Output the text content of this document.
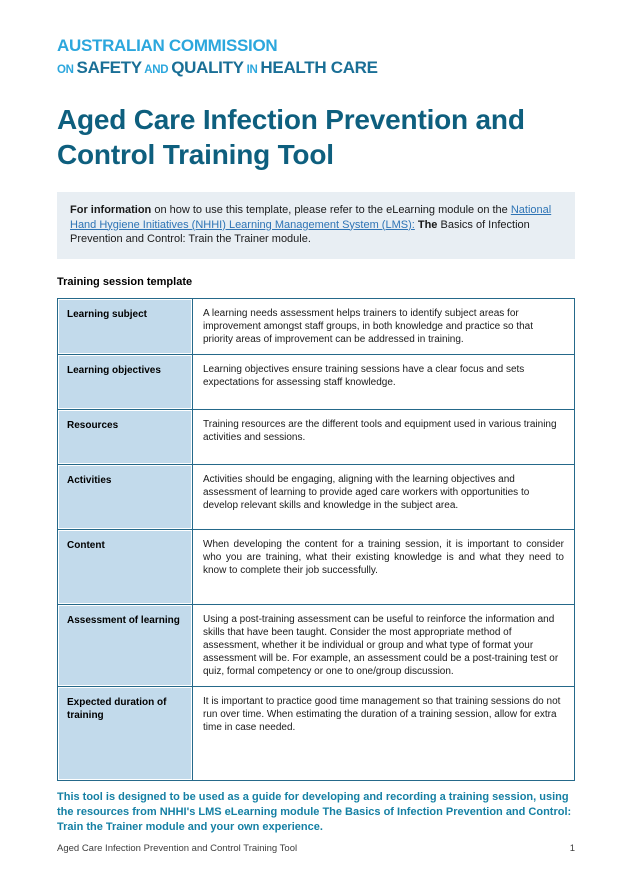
AUSTRALIAN COMMISSION
ON SAFETY AND QUALITY IN HEALTH CARE
Aged Care Infection Prevention and Control Training Tool
For information on how to use this template, please refer to the eLearning module on the National Hand Hygiene Initiatives (NHHI) Learning Management System (LMS): The Basics of Infection Prevention and Control: Train the Trainer module.
Training session template
Learning subject	A learning needs assessment helps trainers to identify subject areas for improvement amongst staff groups, in both knowledge and practice so that priority areas of improvement can be addressed in training.
Learning objectives	Learning objectives ensure training sessions have a clear focus and sets expectations for assessing staff knowledge.
Resources	Training resources are the different tools and equipment used in various training activities and sessions.
Activities	Activities should be engaging, aligning with the learning objectives and assessment of learning to provide aged care workers with opportunities to develop relevant skills and knowledge in the subject area.
Content	When developing the content for a training session, it is important to consider who you are training, what their existing knowledge is and what they need to know to complete their job successfully.
Assessment of learning	Using a post-training assessment can be useful to reinforce the information and skills that have been taught. Consider the most appropriate method of assessment, whether it be individual or group and what type of format your assessment will be. For example, an assessment could be a post-training test or quiz, formal competency or one to one/group discussion.
Expected duration of training	It is important to practice good time management so that training sessions do not run over time. When estimating the duration of a training session, allow for extra time in case needed.
This tool is designed to be used as a guide for developing and recording a training session, using the resources from NHHI's LMS eLearning module The Basics of Infection Prevention and Control: Train the Trainer module and your own experience.
Aged Care Infection Prevention and Control Training Tool	1
